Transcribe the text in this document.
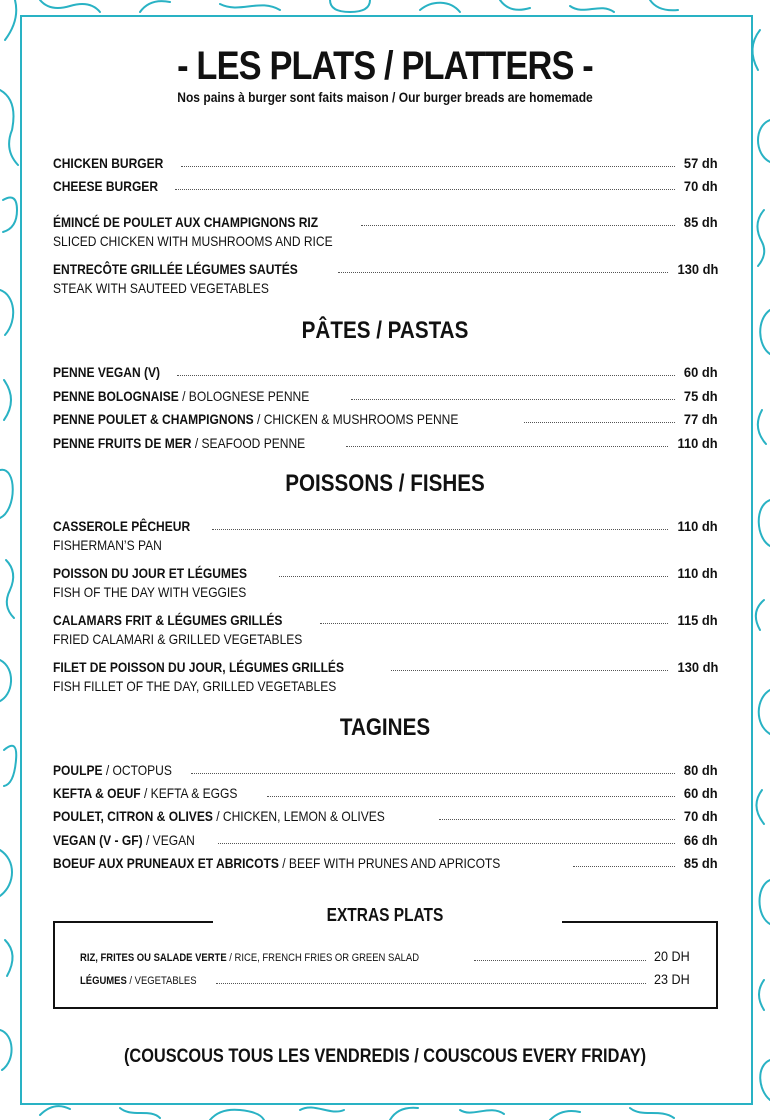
- LES PLATS / PLATTERS -
Nos pains à burger sont faits maison / Our burger breads are homemade
CHICKEN BURGER	57 dh
CHEESE BURGER	70 dh
ÉMINCÉ DE POULET AUX CHAMPIGNONS RIZ	85 dh
SLICED CHICKEN WITH MUSHROOMS AND RICE
ENTRECÔTE GRILLÉE LÉGUMES SAUTÉS	130 dh
STEAK WITH SAUTEED VEGETABLES
PÂTES / PASTAS
PENNE VEGAN (V)	60 dh
PENNE BOLOGNAISE / BOLOGNESE PENNE	75 dh
PENNE POULET & CHAMPIGNONS / CHICKEN & MUSHROOMS PENNE	77 dh
PENNE FRUITS DE MER / SEAFOOD PENNE	110 dh
POISSONS / FISHES
CASSEROLE PÊCHEUR	110 dh
FISHERMAN’S PAN
POISSON DU JOUR ET LÉGUMES	110 dh
FISH OF THE DAY WITH VEGGIES
CALAMARS FRIT & LÉGUMES GRILLÉS	115 dh
FRIED CALAMARI & GRILLED VEGETABLES
FILET DE POISSON DU JOUR, LÉGUMES GRILLÉS	130 dh
FISH FILLET OF THE DAY, GRILLED VEGETABLES
TAGINES
POULPE / OCTOPUS	80 dh
KEFTA & OEUF / KEFTA & EGGS	60 dh
POULET, CITRON & OLIVES / CHICKEN, LEMON & OLIVES	70 dh
VEGAN (V - GF) / VEGAN	66 dh
BOEUF AUX PRUNEAUX ET ABRICOTS / BEEF WITH PRUNES AND APRICOTS	85 dh
EXTRAS PLATS
RIZ, FRITES OU SALADE VERTE / RICE, FRENCH FRIES OR GREEN SALAD	20 DH
LÉGUMES / VEGETABLES	23 DH
(COUSCOUS TOUS LES VENDREDIS / COUSCOUS EVERY FRIDAY)
